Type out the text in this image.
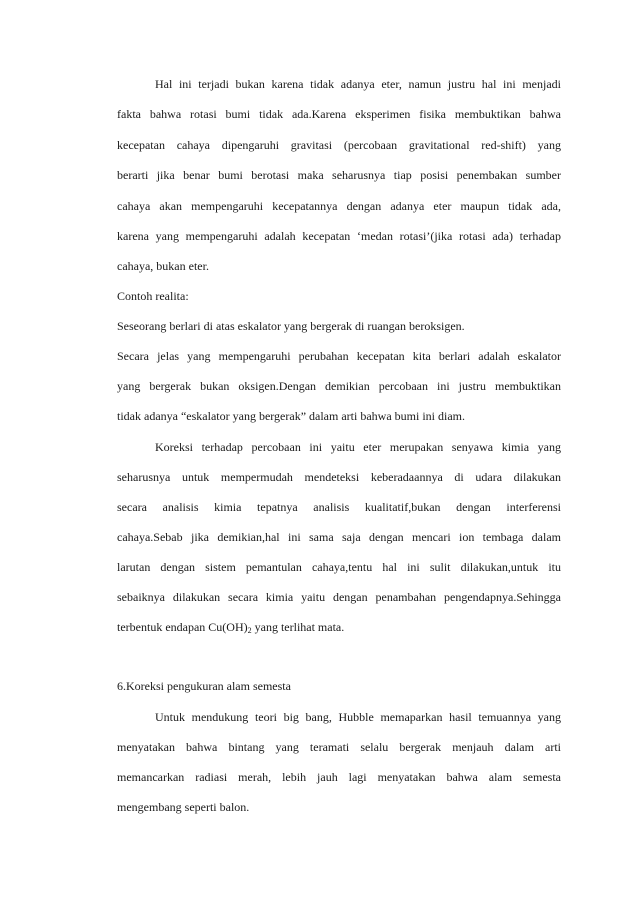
Hal ini terjadi bukan karena tidak adanya eter, namun justru hal ini menjadi
fakta bahwa rotasi bumi tidak ada.Karena eksperimen fisika membuktikan bahwa
kecepatan cahaya dipengaruhi gravitasi (percobaan gravitational red-shift) yang
berarti jika benar bumi berotasi maka seharusnya tiap posisi penembakan sumber
cahaya akan mempengaruhi kecepatannya dengan adanya eter maupun tidak ada,
karena yang mempengaruhi adalah kecepatan ‘medan rotasi’(jika rotasi ada) terhadap
cahaya, bukan eter.
Contoh realita:
Seseorang berlari di atas eskalator yang bergerak di ruangan beroksigen.
Secara jelas yang mempengaruhi perubahan kecepatan kita berlari adalah eskalator
yang bergerak bukan oksigen.Dengan demikian percobaan ini justru membuktikan
tidak adanya “eskalator yang bergerak” dalam arti bahwa bumi ini diam.
Koreksi terhadap percobaan ini yaitu eter merupakan senyawa kimia yang
seharusnya untuk mempermudah mendeteksi keberadaannya di udara dilakukan
secara analisis kimia tepatnya analisis kualitatif,bukan dengan interferensi
cahaya.Sebab jika demikian,hal ini sama saja dengan mencari ion tembaga dalam
larutan dengan sistem pemantulan cahaya,tentu hal ini sulit dilakukan,untuk itu
sebaiknya dilakukan secara kimia yaitu dengan penambahan pengendapnya.Sehingga
terbentuk endapan $Cu(OH)_2$ yang terlihat mata.
6.Koreksi pengukuran alam semesta
Untuk mendukung teori big bang, Hubble memaparkan hasil temuannya yang
menyatakan bahwa bintang yang teramati selalu bergerak menjauh dalam arti
memancarkan radiasi merah, lebih jauh lagi menyatakan bahwa alam semesta
mengembang seperti balon.
